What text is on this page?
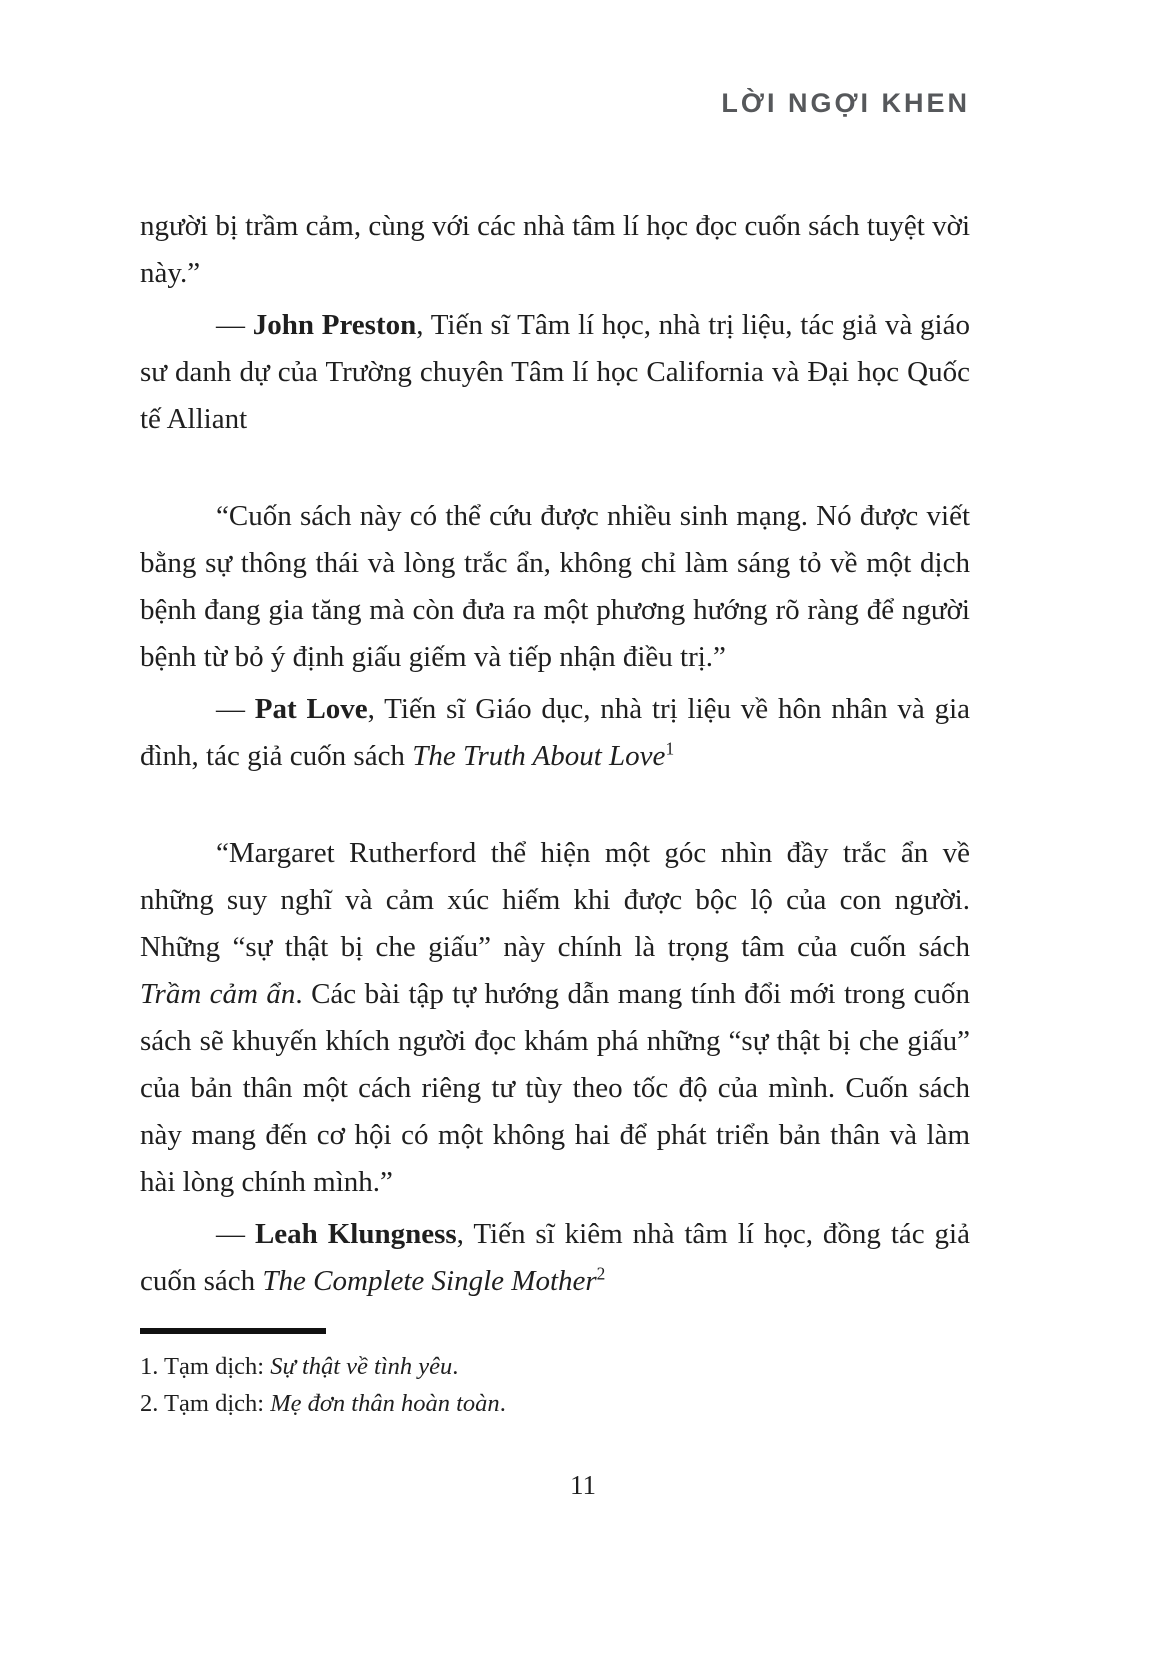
LỜI NGỢI KHEN

người bị trầm cảm, cùng với các nhà tâm lí học đọc cuốn sách tuyệt vời này.”

— John Preston, Tiến sĩ Tâm lí học, nhà trị liệu, tác giả và giáo sư danh dự của Trường chuyên Tâm lí học California và Đại học Quốc tế Alliant

“Cuốn sách này có thể cứu được nhiều sinh mạng. Nó được viết bằng sự thông thái và lòng trắc ẩn, không chỉ làm sáng tỏ về một dịch bệnh đang gia tăng mà còn đưa ra một phương hướng rõ ràng để người bệnh từ bỏ ý định giấu giếm và tiếp nhận điều trị.”

— Pat Love, Tiến sĩ Giáo dục, nhà trị liệu về hôn nhân và gia đình, tác giả cuốn sách The Truth About Love$^1$

“Margaret Rutherford thể hiện một góc nhìn đầy trắc ẩn về những suy nghĩ và cảm xúc hiếm khi được bộc lộ của con người. Những “sự thật bị che giấu” này chính là trọng tâm của cuốn sách Trầm cảm ẩn. Các bài tập tự hướng dẫn mang tính đổi mới trong cuốn sách sẽ khuyến khích người đọc khám phá những “sự thật bị che giấu” của bản thân một cách riêng tư tùy theo tốc độ của mình. Cuốn sách này mang đến cơ hội có một không hai để phát triển bản thân và làm hài lòng chính mình.”

— Leah Klungness, Tiến sĩ kiêm nhà tâm lí học, đồng tác giả cuốn sách The Complete Single Mother$^2$

1. Tạm dịch: Sự thật về tình yêu.

2. Tạm dịch: Mẹ đơn thân hoàn toàn.

11
